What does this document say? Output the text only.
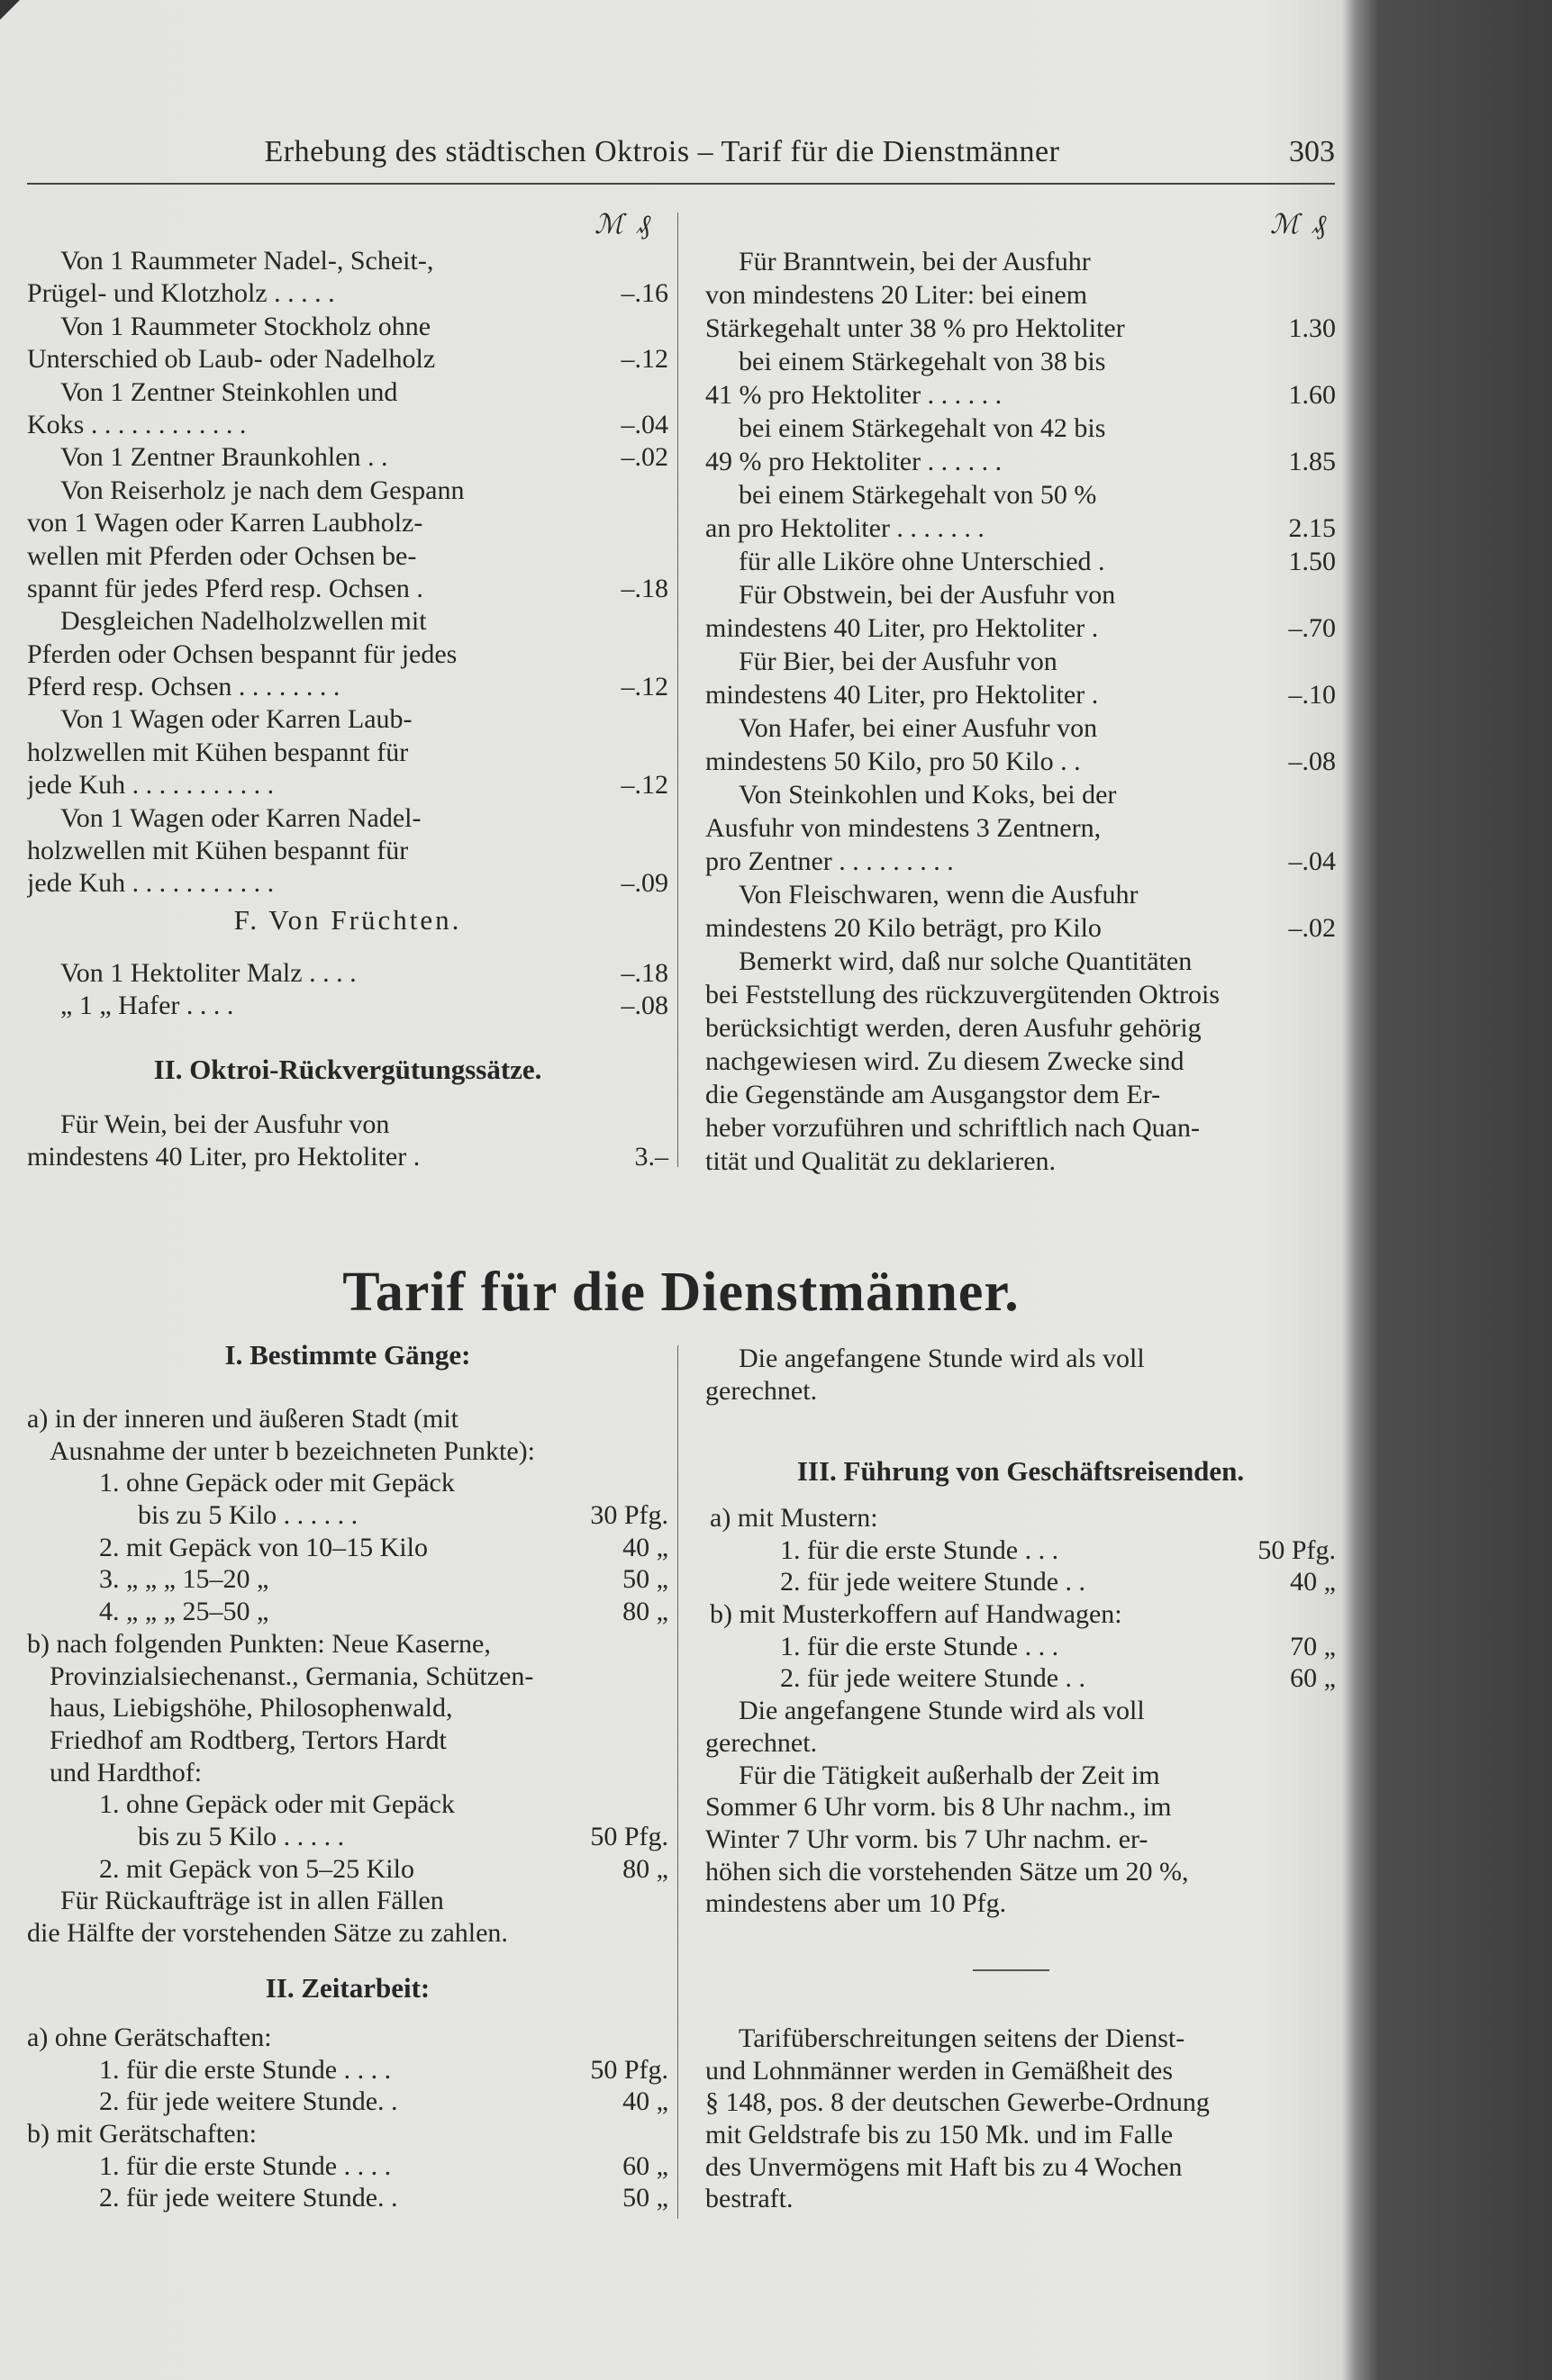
Erhebung des städtischen Oktrois – Tarif für die Dienstmänner	303
ℳ ₰	ℳ ₰
Von 1 Raummeter Nadel-, Scheit-,
Prügel- und Klotzholz . . . . .	–.16
Von 1 Raummeter Stockholz ohne
Unterschied ob Laub- oder Nadelholz	–.12
Von 1 Zentner Steinkohlen und
Koks . . . . . . . . . . . .	–.04
Von 1 Zentner Braunkohlen . .	–.02
Von Reiserholz je nach dem Gespann
von 1 Wagen oder Karren Laubholz-
wellen mit Pferden oder Ochsen be-
spannt für jedes Pferd resp. Ochsen .	–.18
Desgleichen Nadelholzwellen mit
Pferden oder Ochsen bespannt für jedes
Pferd resp. Ochsen . . . . . . . .	–.12
Von 1 Wagen oder Karren Laub-
holzwellen mit Kühen bespannt für
jede Kuh . . . . . . . . . . .	–.12
Von 1 Wagen oder Karren Nadel-
holzwellen mit Kühen bespannt für
jede Kuh . . . . . . . . . . .	–.09
F. Von Früchten.
Von 1 Hektoliter Malz . . . .	–.18
„ 1 „ Hafer . . . .	–.08
II. Oktroi-Rückvergütungssätze.
Für Wein, bei der Ausfuhr von
mindestens 40 Liter, pro Hektoliter .	3.–
Für Branntwein, bei der Ausfuhr
von mindestens 20 Liter: bei einem
Stärkegehalt unter 38 % pro Hektoliter	1.30
bei einem Stärkegehalt von 38 bis
41 % pro Hektoliter . . . . . .	1.60
bei einem Stärkegehalt von 42 bis
49 % pro Hektoliter . . . . . .	1.85
bei einem Stärkegehalt von 50 %
an pro Hektoliter . . . . . . .	2.15
für alle Liköre ohne Unterschied .	1.50
Für Obstwein, bei der Ausfuhr von
mindestens 40 Liter, pro Hektoliter .	–.70
Für Bier, bei der Ausfuhr von
mindestens 40 Liter, pro Hektoliter .	–.10
Von Hafer, bei einer Ausfuhr von
mindestens 50 Kilo, pro 50 Kilo . .	–.08
Von Steinkohlen und Koks, bei der
Ausfuhr von mindestens 3 Zentnern,
pro Zentner . . . . . . . . .	–.04
Von Fleischwaren, wenn die Ausfuhr
mindestens 20 Kilo beträgt, pro Kilo	–.02
Bemerkt wird, daß nur solche Quantitäten
bei Feststellung des rückzuvergütenden Oktrois
berücksichtigt werden, deren Ausfuhr gehörig
nachgewiesen wird. Zu diesem Zwecke sind
die Gegenstände am Ausgangstor dem Er-
heber vorzuführen und schriftlich nach Quan-
tität und Qualität zu deklarieren.
Tarif für die Dienstmänner.
I. Bestimmte Gänge:
a) in der inneren und äußeren Stadt (mit
Ausnahme der unter b bezeichneten Punkte):
1. ohne Gepäck oder mit Gepäck
bis zu 5 Kilo . . . . . .	30 Pfg.
2. mit Gepäck von 10–15 Kilo	40 „
3. „ „ „ 15–20 „	50 „
4. „ „ „ 25–50 „	80 „
b) nach folgenden Punkten: Neue Kaserne,
Provinzialsiechenanst., Germania, Schützen-
haus, Liebigshöhe, Philosophenwald,
Friedhof am Rodtberg, Tertors Hardt
und Hardthof:
1. ohne Gepäck oder mit Gepäck
bis zu 5 Kilo . . . . .	50 Pfg.
2. mit Gepäck von 5–25 Kilo	80 „
Für Rückaufträge ist in allen Fällen
die Hälfte der vorstehenden Sätze zu zahlen.
II. Zeitarbeit:
a) ohne Gerätschaften:
1. für die erste Stunde . . . .	50 Pfg.
2. für jede weitere Stunde. .	40 „
b) mit Gerätschaften:
1. für die erste Stunde . . . .	60 „
2. für jede weitere Stunde. .	50 „
Die angefangene Stunde wird als voll
gerechnet.
III. Führung von Geschäftsreisenden.
a) mit Mustern:
1. für die erste Stunde . . .	50 Pfg.
2. für jede weitere Stunde . .	40 „
b) mit Musterkoffern auf Handwagen:
1. für die erste Stunde . . .	70 „
2. für jede weitere Stunde . .	60 „
Die angefangene Stunde wird als voll
gerechnet.
Für die Tätigkeit außerhalb der Zeit im
Sommer 6 Uhr vorm. bis 8 Uhr nachm., im
Winter 7 Uhr vorm. bis 7 Uhr nachm. er-
höhen sich die vorstehenden Sätze um 20 %,
mindestens aber um 10 Pfg.
Tarifüberschreitungen seitens der Dienst-
und Lohnmänner werden in Gemäßheit des
§ 148, pos. 8 der deutschen Gewerbe-Ordnung
mit Geldstrafe bis zu 150 Mk. und im Falle
des Unvermögens mit Haft bis zu 4 Wochen
bestraft.
